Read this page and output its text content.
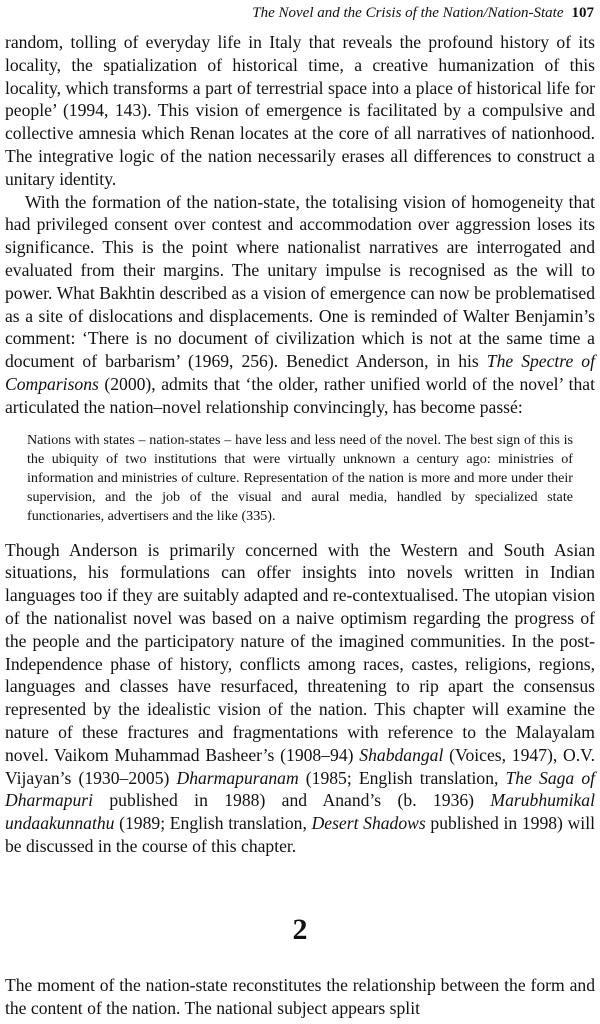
The Novel and the Crisis of the Nation/Nation-State 107

random, tolling of everyday life in Italy that reveals the profound history of its locality, the spatialization of historical time, a creative humanization of this locality, which transforms a part of terrestrial space into a place of historical life for people’ (1994, 143). This vision of emergence is facilitated by a compulsive and collective amnesia which Renan locates at the core of all narratives of nationhood. The integrative logic of the nation necessarily erases all differences to construct a unitary identity.

With the formation of the nation-state, the totalising vision of homogeneity that had privileged consent over contest and accommodation over aggression loses its significance. This is the point where nationalist narratives are interrogated and evaluated from their margins. The unitary impulse is recognised as the will to power. What Bakhtin described as a vision of emergence can now be problematised as a site of dislocations and displacements. One is reminded of Walter Benjamin’s comment: ‘There is no document of civilization which is not at the same time a document of barbarism’ (1969, 256). Benedict Anderson, in his The Spectre of Comparisons (2000), admits that ‘the older, rather unified world of the novel’ that articulated the nation–novel relationship convincingly, has become passé:

Nations with states – nation-states – have less and less need of the novel. The best sign of this is the ubiquity of two institutions that were virtually unknown a century ago: ministries of information and ministries of culture. Representation of the nation is more and more under their supervision, and the job of the visual and aural media, handled by specialized state functionaries, advertisers and the like (335).

Though Anderson is primarily concerned with the Western and South Asian situations, his formulations can offer insights into novels written in Indian languages too if they are suitably adapted and re-contextualised. The utopian vision of the nationalist novel was based on a naive optimism regarding the progress of the people and the participatory nature of the imagined communities. In the post-Independence phase of history, conflicts among races, castes, religions, regions, languages and classes have resurfaced, threatening to rip apart the consensus represented by the idealistic vision of the nation. This chapter will examine the nature of these fractures and fragmentations with reference to the Malayalam novel. Vaikom Muhammad Basheer’s (1908–94) Shabdangal (Voices, 1947), O.V. Vijayan’s (1930–2005) Dharmapuranam (1985; English translation, The Saga of Dharmapuri published in 1988) and Anand’s (b. 1936) Marubhumikal undaakunnathu (1989; English translation, Desert Shadows published in 1998) will be discussed in the course of this chapter.

2

The moment of the nation-state reconstitutes the relationship between the form and the content of the nation. The national subject appears split
